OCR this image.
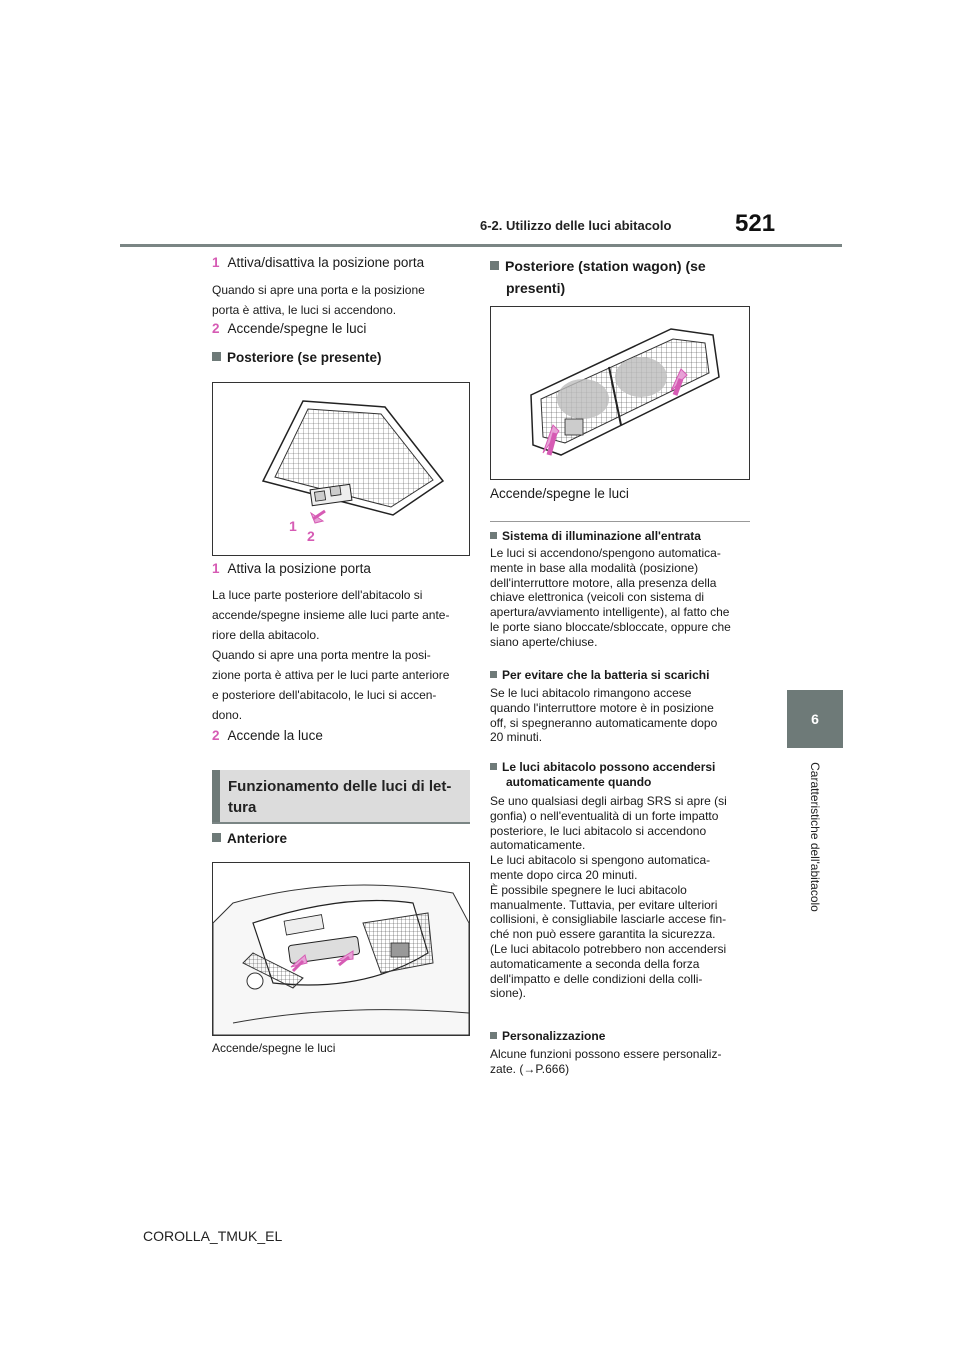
6-2. Utilizzo delle luci abitacolo	521
6
Caratteristiche dell'abitacolo
1 Attiva/disattiva la posizione porta
Quando si apre una porta e la posizione
porta è attiva, le luci si accendono.
2 Accende/spegne le luci
Posteriore (se presente)
1
2
1 Attiva la posizione porta
La luce parte posteriore dell'abitacolo si
accende/spegne insieme alle luci parte ante-
riore della abitacolo.
Quando si apre una porta mentre la posi-
zione porta è attiva per le luci parte anteriore
e posteriore dell'abitacolo, le luci si accen-
dono.
2 Accende la luce
Funzionamento delle luci di let-
tura
Anteriore
Accende/spegne le luci
Posteriore (station wagon) (se
presenti)
Accende/spegne le luci
Sistema di illuminazione all'entrata
Le luci si accendono/spengono automatica-
mente in base alla modalità (posizione)
dell'interruttore motore, alla presenza della
chiave elettronica (veicoli con sistema di
apertura/avviamento intelligente), al fatto che
le porte siano bloccate/sbloccate, oppure che
siano aperte/chiuse.
Per evitare che la batteria si scarichi
Se le luci abitacolo rimangono accese
quando l'interruttore motore è in posizione
off, si spegneranno automaticamente dopo
20 minuti.
Le luci abitacolo possono accendersi
automaticamente quando
Se uno qualsiasi degli airbag SRS si apre (si
gonfia) o nell'eventualità di un forte impatto
posteriore, le luci abitacolo si accendono
automaticamente.
Le luci abitacolo si spengono automatica-
mente dopo circa 20 minuti.
È possibile spegnere le luci abitacolo
manualmente. Tuttavia, per evitare ulteriori
collisioni, è consigliabile lasciarle accese fin-
ché non può essere garantita la sicurezza.
(Le luci abitacolo potrebbero non accendersi
automaticamente a seconda della forza
dell'impatto e delle condizioni della colli-
sione).
Personalizzazione
Alcune funzioni possono essere personaliz-
zate. (→P.666)
COROLLA_TMUK_EL
